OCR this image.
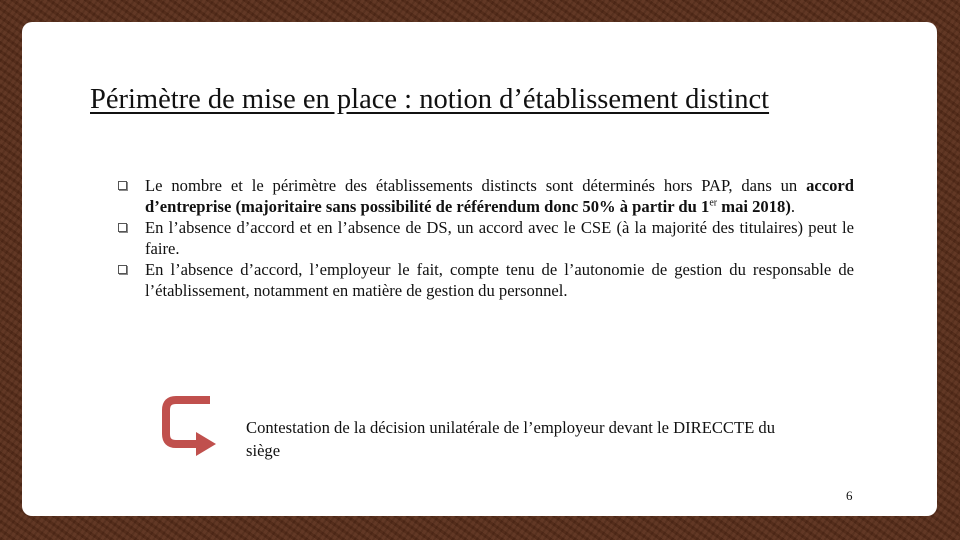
Périmètre de mise en place : notion d’établissement distinct
Le nombre et le périmètre des établissements distincts sont déterminés hors PAP, dans un accord d’entreprise (majoritaire sans possibilité de référendum donc 50% à partir du 1er mai 2018).
En l’absence d’accord et en l’absence de DS, un accord avec le CSE (à la majorité des titulaires) peut le faire.
En l’absence d’accord, l’employeur le fait, compte tenu de l’autonomie de gestion du responsable de l’établissement, notamment en matière de gestion du personnel.
Contestation de la décision unilatérale de l’employeur devant le DIRECCTE du siège
6
